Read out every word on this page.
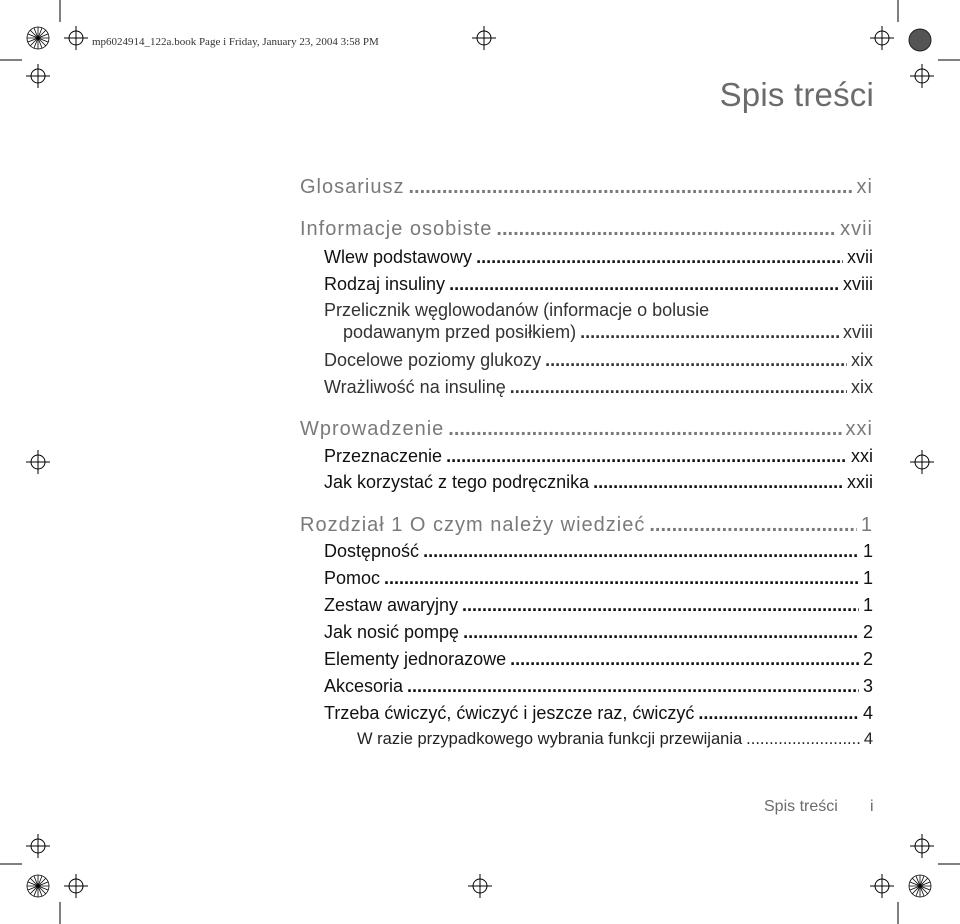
mp6024914_122a.book Page i Friday, January 23, 2004 3:58 PM
Spis treści
Glosariusz .....	xi
Informacje osobiste .....	xvii
Wlew podstawowy .....	xvii
Rodzaj insuliny .....	xviii
Przelicznik węglowodanów (informacje o bolusie
podawanym przed posiłkiem) .....	xviii
Docelowe poziomy glukozy .....	xix
Wrażliwość na insulinę .....	xix
Wprowadzenie .....	xxi
Przeznaczenie .....	xxi
Jak korzystać z tego podręcznika .....	xxii
Rozdział 1 O czym należy wiedzieć .....	1
Dostępność .....	1
Pomoc .....	1
Zestaw awaryjny .....	1
Jak nosić pompę .....	2
Elementy jednorazowe .....	2
Akcesoria .....	3
Trzeba ćwiczyć, ćwiczyć i jeszcze raz, ćwiczyć .....	4
W razie przypadkowego wybrania funkcji przewijania .....	4
Spis treści i
